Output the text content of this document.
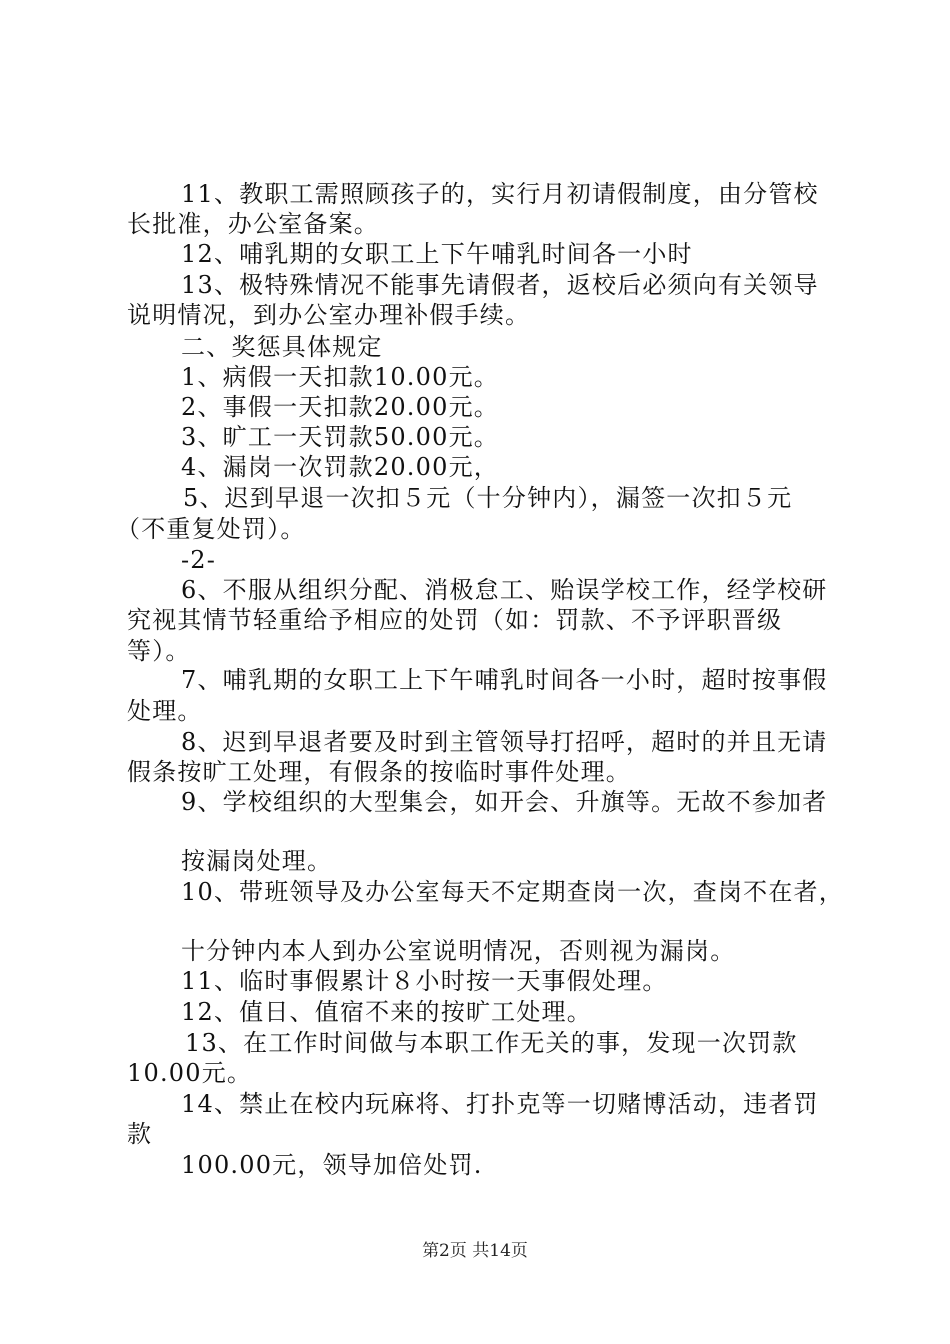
11、教职工需照顾孩子的，实行月初请假制度，由分管校
长批准，办公室备案。
12、哺乳期的女职工上下午哺乳时间各一小时
13、极特殊情况不能事先请假者，返校后必须向有关领导
说明情况，到办公室办理补假手续。
二、奖惩具体规定
1、病假一天扣款10.00元。
2、事假一天扣款20.00元。
3、旷工一天罚款50.00元。
4、漏岗一次罚款20.00元，
5、迟到早退一次扣５元（十分钟内），漏签一次扣５元
（不重复处罚）。
-2-
6、不服从组织分配、消极怠工、贻误学校工作，经学校研
究视其情节轻重给予相应的处罚（如：罚款、不予评职晋级
等）。
7、哺乳期的女职工上下午哺乳时间各一小时，超时按事假
处理。
8、迟到早退者要及时到主管领导打招呼，超时的并且无请
假条按旷工处理，有假条的按临时事件处理。
9、学校组织的大型集会，如开会、升旗等。无故不参加者
按漏岗处理。
10、带班领导及办公室每天不定期查岗一次，查岗不在者，
十分钟内本人到办公室说明情况，否则视为漏岗。
11、临时事假累计８小时按一天事假处理。
12、值日、值宿不来的按旷工处理。
13、在工作时间做与本职工作无关的事，发现一次罚款
10.00元。
14、禁止在校内玩麻将、打扑克等一切赌博活动，违者罚
款
100.00元，领导加倍处罚.
第2页 共14页
